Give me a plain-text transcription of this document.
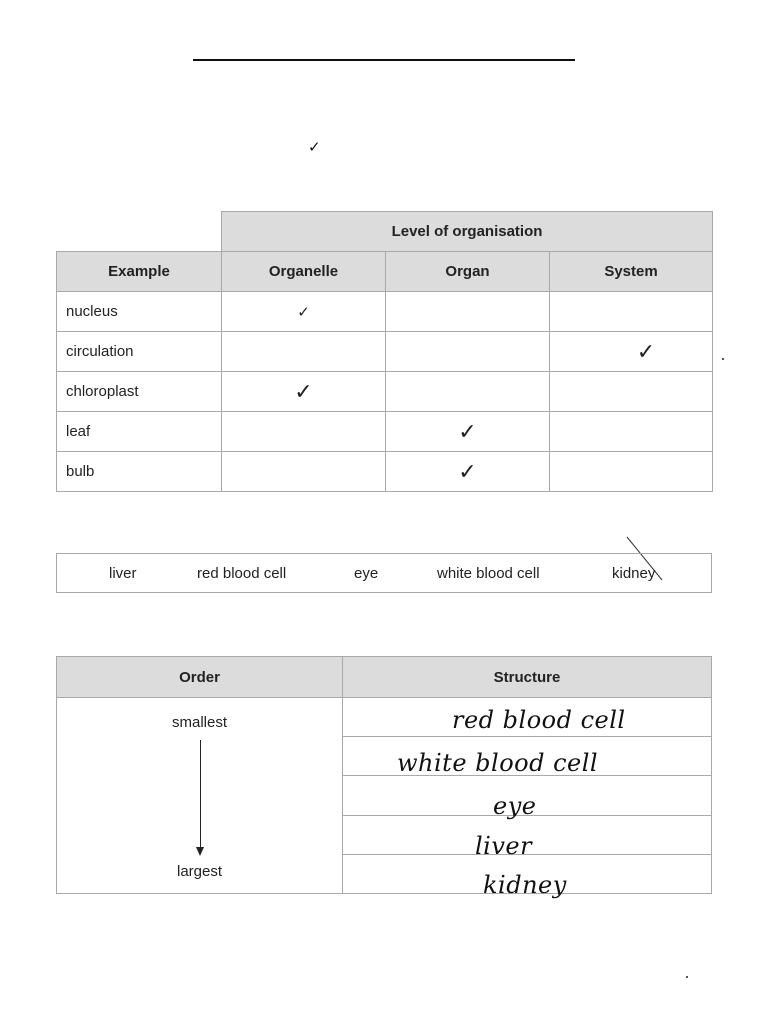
✓
	Level of organisation		
Example	Organelle	Organ	System
nucleus	✓		
circulation			✓
chloroplast	✓		
leaf		✓	
bulb		✓	
liver	red blood cell	eye	white blood cell	kidney
Order	Structure
smallest
largest
red blood cell
white blood cell
eye
liver
kidney
